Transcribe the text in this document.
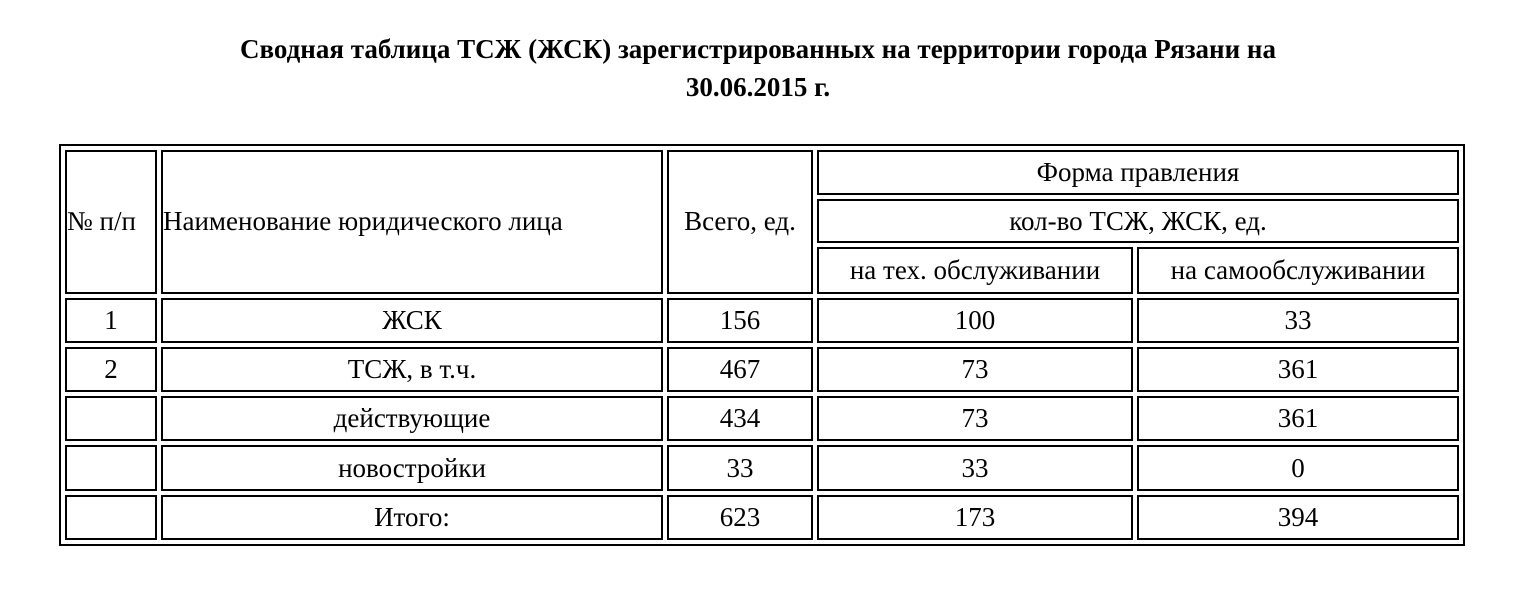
Сводная таблица ТСЖ (ЖСК) зарегистрированных на территории города Рязани на
30.06.2015 г.
№ п/п	Наименование юридического лица	Всего, ед.	Форма правления	
			кол-во ТСЖ, ЖСК, ед.	
			на тех. обслуживании	на самообслуживании
1	ЖСК	156	100	33
2	ТСЖ, в т.ч.	467	73	361
	действующие	434	73	361
	новостройки	33	33	0
	Итого:	623	173	394
